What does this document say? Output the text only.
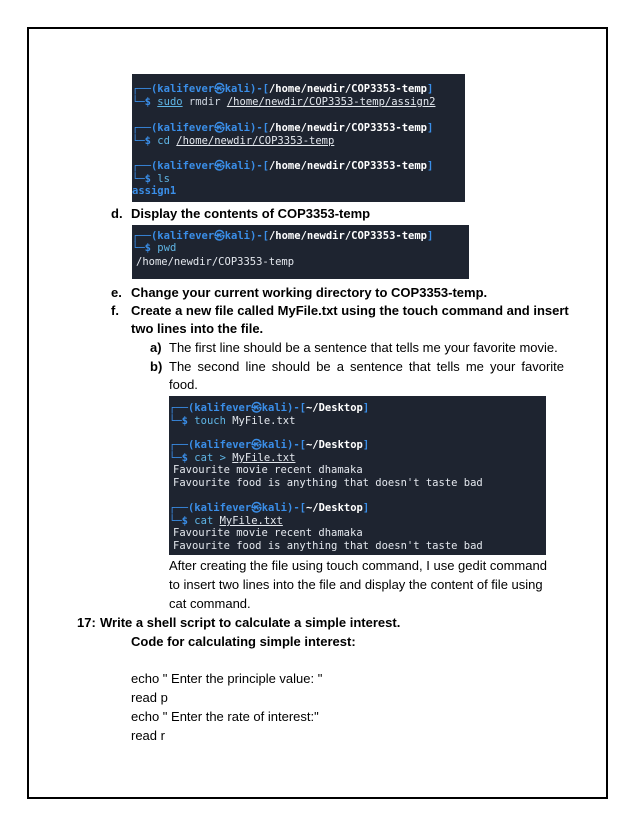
┌──(kalifever㉿kali)-[/home/newdir/COP3353-temp]
└─$ sudo rmdir /home/newdir/COP3353-temp/assign2
┌──(kalifever㉿kali)-[/home/newdir/COP3353-temp]
└─$ cd /home/newdir/COP3353-temp
┌──(kalifever㉿kali)-[/home/newdir/COP3353-temp]
└─$ ls
assign1
d. Display the contents of COP3353-temp
┌──(kalifever㉿kali)-[/home/newdir/COP3353-temp]
└─$ pwd
/home/newdir/COP3353-temp
e. Change your current working directory to COP3353-temp.
f. Create a new file called MyFile.txt using the touch command and insert
two lines into the file.
a) The first line should be a sentence that tells me your favorite movie.
b) The second line should be a sentence that tells me your favorite
food.
┌──(kalifever㉿kali)-[~/Desktop]
└─$ touch MyFile.txt
┌──(kalifever㉿kali)-[~/Desktop]
└─$ cat > MyFile.txt
Favourite movie recent dhamaka
Favourite food is anything that doesn't taste bad
┌──(kalifever㉿kali)-[~/Desktop]
└─$ cat MyFile.txt
Favourite movie recent dhamaka
Favourite food is anything that doesn't taste bad
After creating the file using touch command, I use gedit command
to insert two lines into the file and display the content of file using
cat command.
17: Write a shell script to calculate a simple interest.
Code for calculating simple interest:
echo " Enter the principle value: "
read p
echo " Enter the rate of interest:"
read r
